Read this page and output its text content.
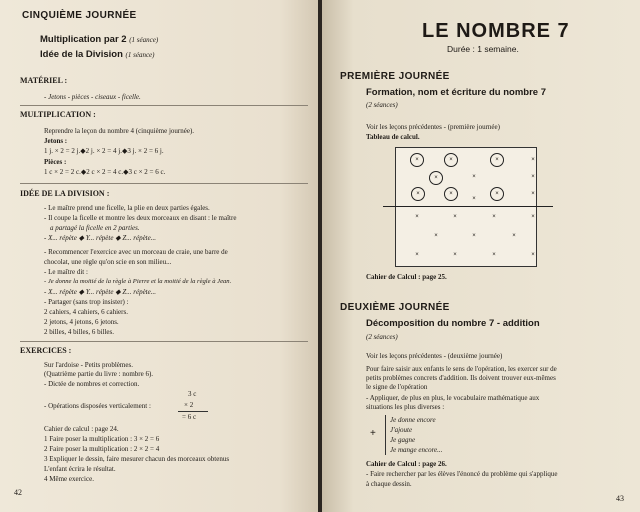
CINQUIÈME JOURNÉE
Multiplication par 2 (1 séance)
Idée de la Division (1 séance)
MATÉRIEL :
- Jetons - pièces - ciseaux - ficelle.
MULTIPLICATION :
Reprendre la leçon du nombre 4 (cinquième journée).
Jetons :
1 j. × 2 = 2 j.◆2 j. × 2 = 4 j.◆3 j. × 2 = 6 j.
Pièces :
1 c × 2 = 2 c.◆2 c × 2 = 4 c.◆3 c × 2 = 6 c.
IDÉE DE LA DIVISION :
- Le maître prend une ficelle, la plie en deux parties égales.
- Il coupe la ficelle et montre les deux morceaux en disant : le maître
a partagé la ficelle en 2 parties.
- X... répète ◆ Y... répète ◆ Z... répète...
- Recommencer l'exercice avec un morceau de craie, une barre de
chocolat, une règle qu'on scie en son milieu...
- Le maître dit :
- Je donne la moitié de la règle à Pierre et la moitié de la règle à Jean.
- X... répète ◆ Y... répète ◆ Z... répète...
- Partager (sans trop insister) :
2 cahiers, 4 cahiers, 6 cahiers.
2 jetons, 4 jetons, 6 jetons.
2 billes, 4 billes, 6 billes.
EXERCICES :
Sur l'ardoise - Petits problèmes.
(Quatrième partie du livre : nombre 6).
- Dictée de nombres et correction.
- Opérations disposées verticalement :
3 c
× 2
= 6 c
Cahier de calcul : page 24.
1 Faire poser la multiplication : 3 × 2 = 6
2 Faire poser la multiplication : 2 × 2 = 4
3 Expliquer le dessin, faire mesurer chacun des morceaux obtenus
L'enfant écrira le résultat.
4 Même exercice.
42
LE NOMBRE 7
Durée : 1 semaine.
PREMIÈRE JOURNÉE
Formation, nom et écriture du nombre 7
(2 séances)
Voir les leçons précédentes - (première journée)
Tableau de calcul.
×	×	×
×
×	×	×
×
×
×
×
×	×	×	×
×	×	×
×	×	×	×
×
Cahier de Calcul : page 25.
DEUXIÈME JOURNÉE
Décomposition du nombre 7 - addition
(2 séances)
Voir les leçons précédentes - (deuxième journée)
Pour faire saisir aux enfants le sens de l'opération, les exercer sur de
petits problèmes concrets d'addition. Ils doivent trouver eux-mêmes
le signe de l'opération
- Appliquer, de plus en plus, le vocabulaire mathématique aux
situations les plus diverses :
+
Je donne encore
J'ajoute
Je gagne
Je mange encore...
Cahier de Calcul : page 26.
- Faire rechercher par les élèves l'énoncé du problème qui s'applique
à chaque dessin.
43
